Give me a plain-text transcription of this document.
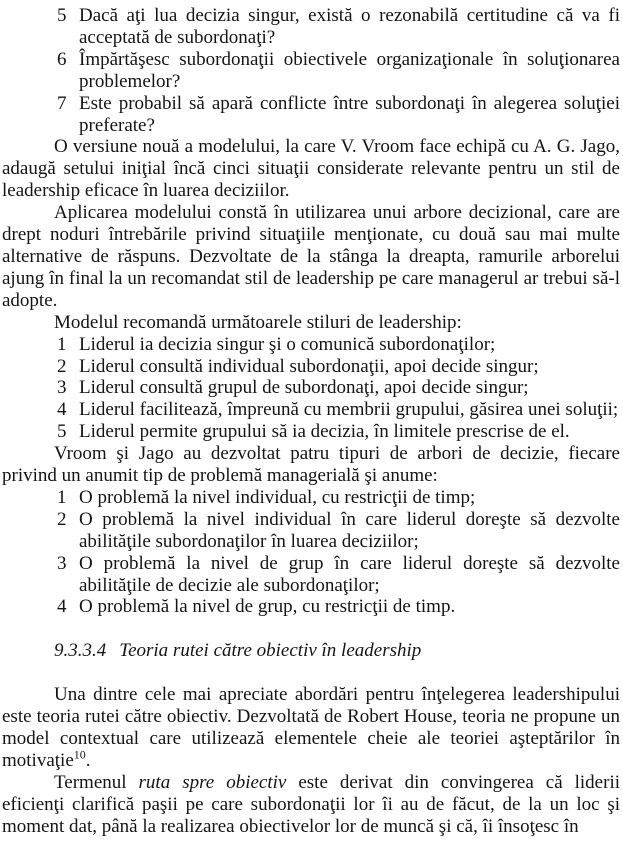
5 Dacă aţi lua decizia singur, există o rezonabilă certitudine că va fi acceptată de subordonaţi?
6 Împărtăşesc subordonaţii obiectivele organizaţionale în soluţionarea problemelor?
7 Este probabil să apară conflicte între subordonaţi în alegerea soluţiei preferate?

O versiune nouă a modelului, la care V. Vroom face echipă cu A. G. Jago, adaugă setului iniţial încă cinci situaţii considerate relevante pentru un stil de leadership eficace în luarea deciziilor.

Aplicarea modelului constă în utilizarea unui arbore decizional, care are drept noduri întrebările privind situaţiile menţionate, cu două sau mai multe alternative de răspuns. Dezvoltate de la stânga la dreapta, ramurile arborelui ajung în final la un recomandat stil de leadership pe care managerul ar trebui să-l adopte.

Modelul recomandă următoarele stiluri de leadership:

1 Liderul ia decizia singur şi o comunică subordonaţilor;
2 Liderul consultă individual subordonaţii, apoi decide singur;
3 Liderul consultă grupul de subordonaţi, apoi decide singur;
4 Liderul facilitează, împreună cu membrii grupului, găsirea unei soluţii;
5 Liderul permite grupului să ia decizia, în limitele prescrise de el.

Vroom şi Jago au dezvoltat patru tipuri de arbori de decizie, fiecare privind un anumit tip de problemă managerială şi anume:

1 O problemă la nivel individual, cu restricţii de timp;
2 O problemă la nivel individual în care liderul doreşte să dezvolte abilităţile subordonaţilor în luarea deciziilor;
3 O problemă la nivel de grup în care liderul doreşte să dezvolte abilităţile de decizie ale subordonaţilor;
4 O problemă la nivel de grup, cu restricţii de timp.
9.3.3.4 Teoria rutei către obiectiv în leadership

Una dintre cele mai apreciate abordări pentru înţelegerea leadershipului este teoria rutei către obiectiv. Dezvoltată de Robert House, teoria ne propune un model contextual care utilizează elementele cheie ale teoriei aşteptărilor în motivaţie$^{10}$.

Termenul ruta spre obiectiv este derivat din convingerea că liderii eficienţi clarifică paşii pe care subordonaţii lor îi au de făcut, de la un loc şi moment dat, până la realizarea obiectivelor lor de muncă şi că, îi însoţesc în
